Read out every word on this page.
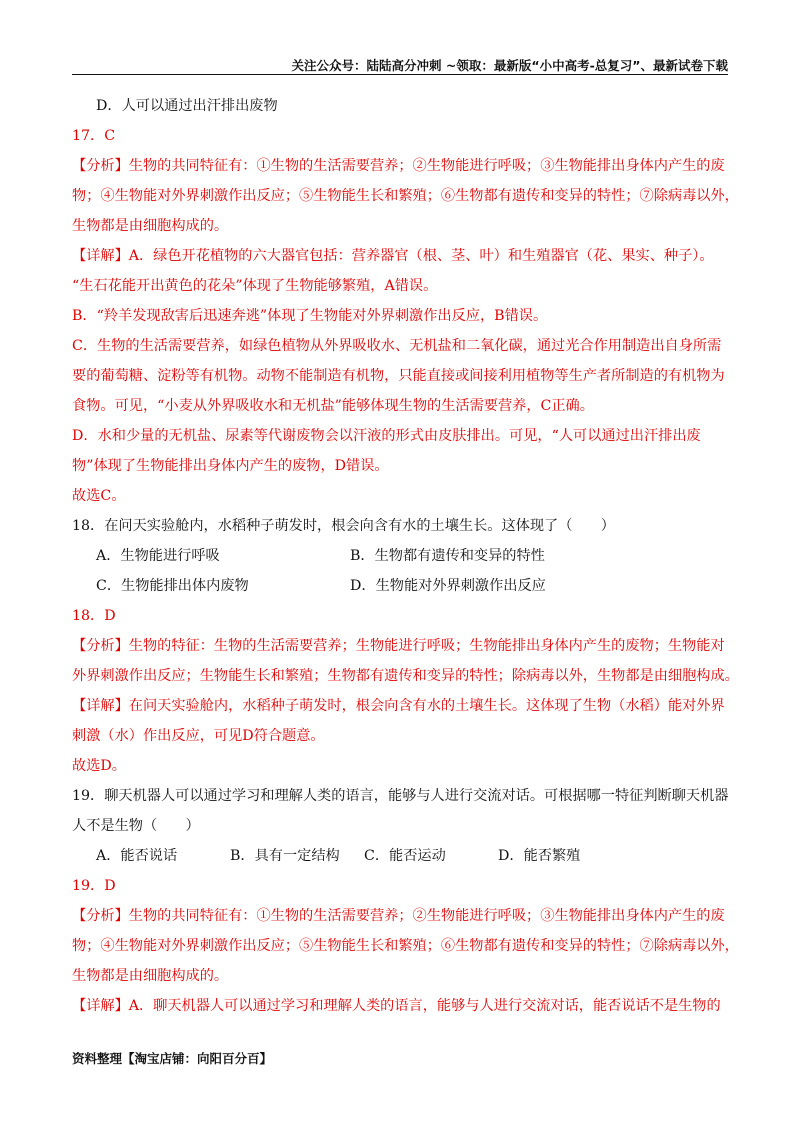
关注公众号：陆陆高分冲刺 ~领取：最新版“小中高考-总复习”、最新试卷下载

D．人可以通过出汗排出废物

17．C

【分析】生物的共同特征有：①生物的生活需要营养；②生物能进行呼吸；③生物能排出身体内产生的废

物；④生物能对外界刺激作出反应；⑤生物能生长和繁殖；⑥生物都有遗传和变异的特性；⑦除病毒以外，

生物都是由细胞构成的。

【详解】A．绿色开花植物的六大器官包括：营养器官（根、茎、叶）和生殖器官（花、果实、种子）。

“生石花能开出黄色的花朵”体现了生物能够繁殖，A错误。

B．“羚羊发现敌害后迅速奔逃”体现了生物能对外界刺激作出反应，B错误。

C．生物的生活需要营养，如绿色植物从外界吸收水、无机盐和二氧化碳，通过光合作用制造出自身所需

要的葡萄糖、淀粉等有机物。动物不能制造有机物，只能直接或间接利用植物等生产者所制造的有机物为

食物。可见，“小麦从外界吸收水和无机盐”能够体现生物的生活需要营养，C正确。

D．水和少量的无机盐、尿素等代谢废物会以汗液的形式由皮肤排出。可见，“人可以通过出汗排出废

物”体现了生物能排出身体内产生的废物，D错误。

故选C。

18．在问天实验舱内，水稻种子萌发时，根会向含有水的土壤生长。这体现了（　　）

A．生物能进行呼吸	B．生物都有遗传和变异的特性
C．生物能排出体内废物	D．生物能对外界刺激作出反应

18．D

【分析】生物的特征：生物的生活需要营养；生物能进行呼吸；生物能排出身体内产生的废物；生物能对

外界刺激作出反应；生物能生长和繁殖；生物都有遗传和变异的特性；除病毒以外，生物都是由细胞构成。

【详解】在问天实验舱内，水稻种子萌发时，根会向含有水的土壤生长。这体现了生物（水稻）能对外界

刺激（水）作出反应，可见D符合题意。

故选D。

19．聊天机器人可以通过学习和理解人类的语言，能够与人进行交流对话。可根据哪一特征判断聊天机器

人不是生物（　　）

A．能否说话	B．具有一定结构	C．能否运动	D．能否繁殖

19．D

【分析】生物的共同特征有：①生物的生活需要营养；②生物能进行呼吸；③生物能排出身体内产生的废

物；④生物能对外界刺激作出反应；⑤生物能生长和繁殖；⑥生物都有遗传和变异的特性；⑦除病毒以外，

生物都是由细胞构成的。

【详解】A．聊天机器人可以通过学习和理解人类的语言，能够与人进行交流对话，能否说话不是生物的

资料整理【淘宝店铺：向阳百分百】
